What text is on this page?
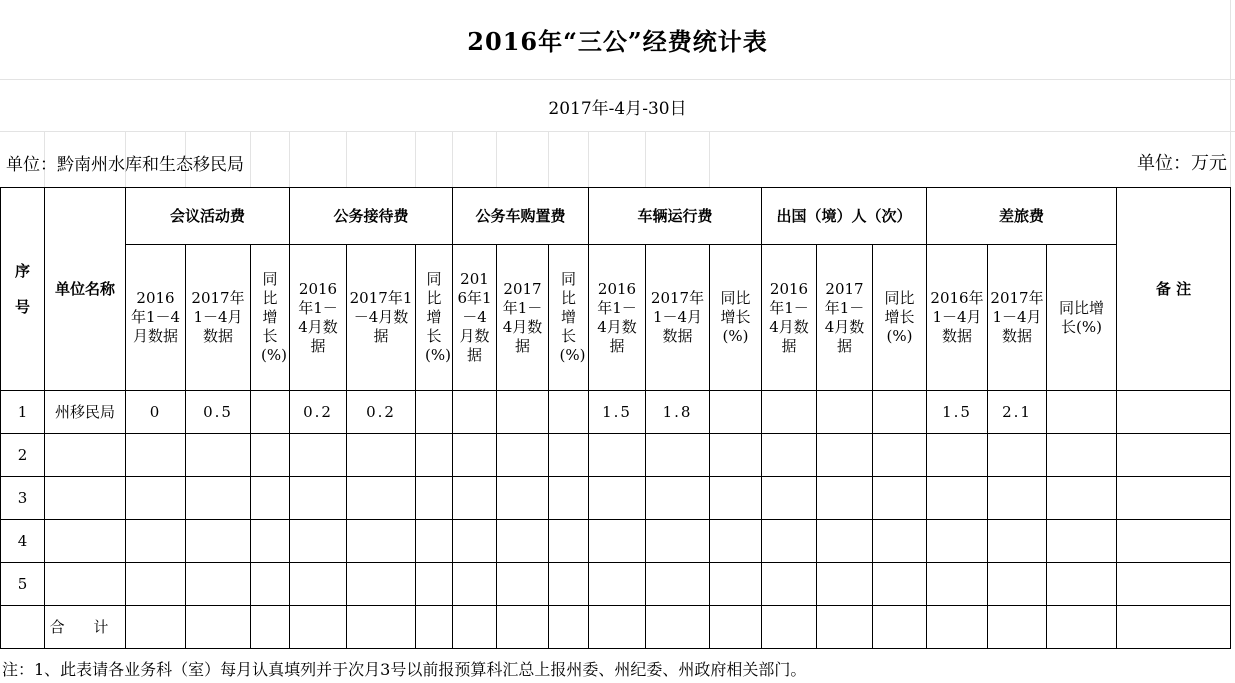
2016年“三公”经费统计表
2017年-4月-30日
单位：黔南州水库和生态移民局	单位：万元
序号	单位名称	会议活动费			公务接待费			公务车购置费			车辆运行费			出国（境）人（次）			差旅费			备 注

		2016年1－4月数据	2017年1－4月数据	同比增长(%)	2016年1－4月数据	2017年1－4月数据	同比增长(%)	2016年1－4月数据	2017年1－4月数据	同比增长(%)	2016年1－4月数据	2017年1－4月数据	同比增长(%)	2016年1－4月数据	2017年1－4月数据	同比增长(%)	2016年1－4月数据	2017年1－4月数据	同比增长(%)	

1	州移民局	0	0.5		0.2	0.2					1.5	1.8					1.5	2.1		
2																				
3																				
4																				
5																				
	合 计																			
注：1、此表请各业务科（室）每月认真填列并于次月3号以前报预算科汇总上报州委、州纪委、州政府相关部门。
